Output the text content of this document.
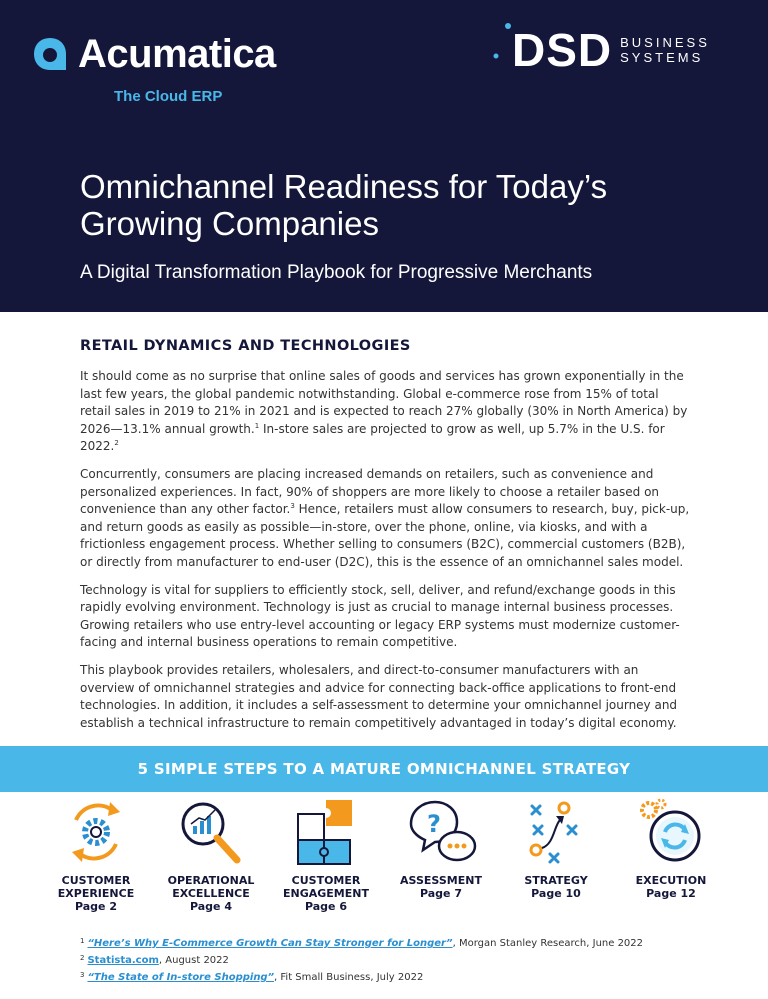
Acumatica
The Cloud ERP
DSD BUSINESS
SYSTEMS
Omnichannel Readiness for Today’s
Growing Companies
A Digital Transformation Playbook for Progressive Merchants
RETAIL DYNAMICS AND TECHNOLOGIES

It should come as no surprise that online sales of goods and services has grown exponentially in the last few years, the global pandemic notwithstanding. Global e-commerce rose from 15% of total retail sales in 2019 to 21% in 2021 and is expected to reach 27% globally (30% in North America) by 2026—13.1% annual growth.$^1$ In-store sales are projected to grow as well, up 5.7% in the U.S. for 2022.$^2$

Concurrently, consumers are placing increased demands on retailers, such as convenience and personalized experiences. In fact, 90% of shoppers are more likely to choose a retailer based on convenience than any other factor.$^3$ Hence, retailers must allow consumers to research, buy, pick-up, and return goods as easily as possible—in-store, over the phone, online, via kiosks, and with a frictionless engagement process. Whether selling to consumers (B2C), commercial customers (B2B), or directly from manufacturer to end-user (D2C), this is the essence of an omnichannel sales model.

Technology is vital for suppliers to efficiently stock, sell, deliver, and refund/exchange goods in this rapidly evolving environment. Technology is just as crucial to manage internal business processes. Growing retailers who use entry-level accounting or legacy ERP systems must modernize customer-facing and internal business operations to remain competitive.

This playbook provides retailers, wholesalers, and direct-to-consumer manufacturers with an overview of omnichannel strategies and advice for connecting back-office applications to front-end technologies. In addition, it includes a self-assessment to determine your omnichannel journey and establish a technical infrastructure to remain competitively advantaged in today’s digital economy.

5 SIMPLE STEPS TO A MATURE OMNICHANNEL STRATEGY
CUSTOMER
EXPERIENCE
Page 2
OPERATIONAL
EXCELLENCE
Page 4
CUSTOMER
ENGAGEMENT
Page 6
?
ASSESSMENT
Page 7
STRATEGY
Page 10
EXECUTION
Page 12
$^1$ “Here’s Why E-Commerce Growth Can Stay Stronger for Longer”, Morgan Stanley Research, June 2022
$^2$ Statista.com, August 2022
$^3$ “The State of In-store Shopping”, Fit Small Business, July 2022
